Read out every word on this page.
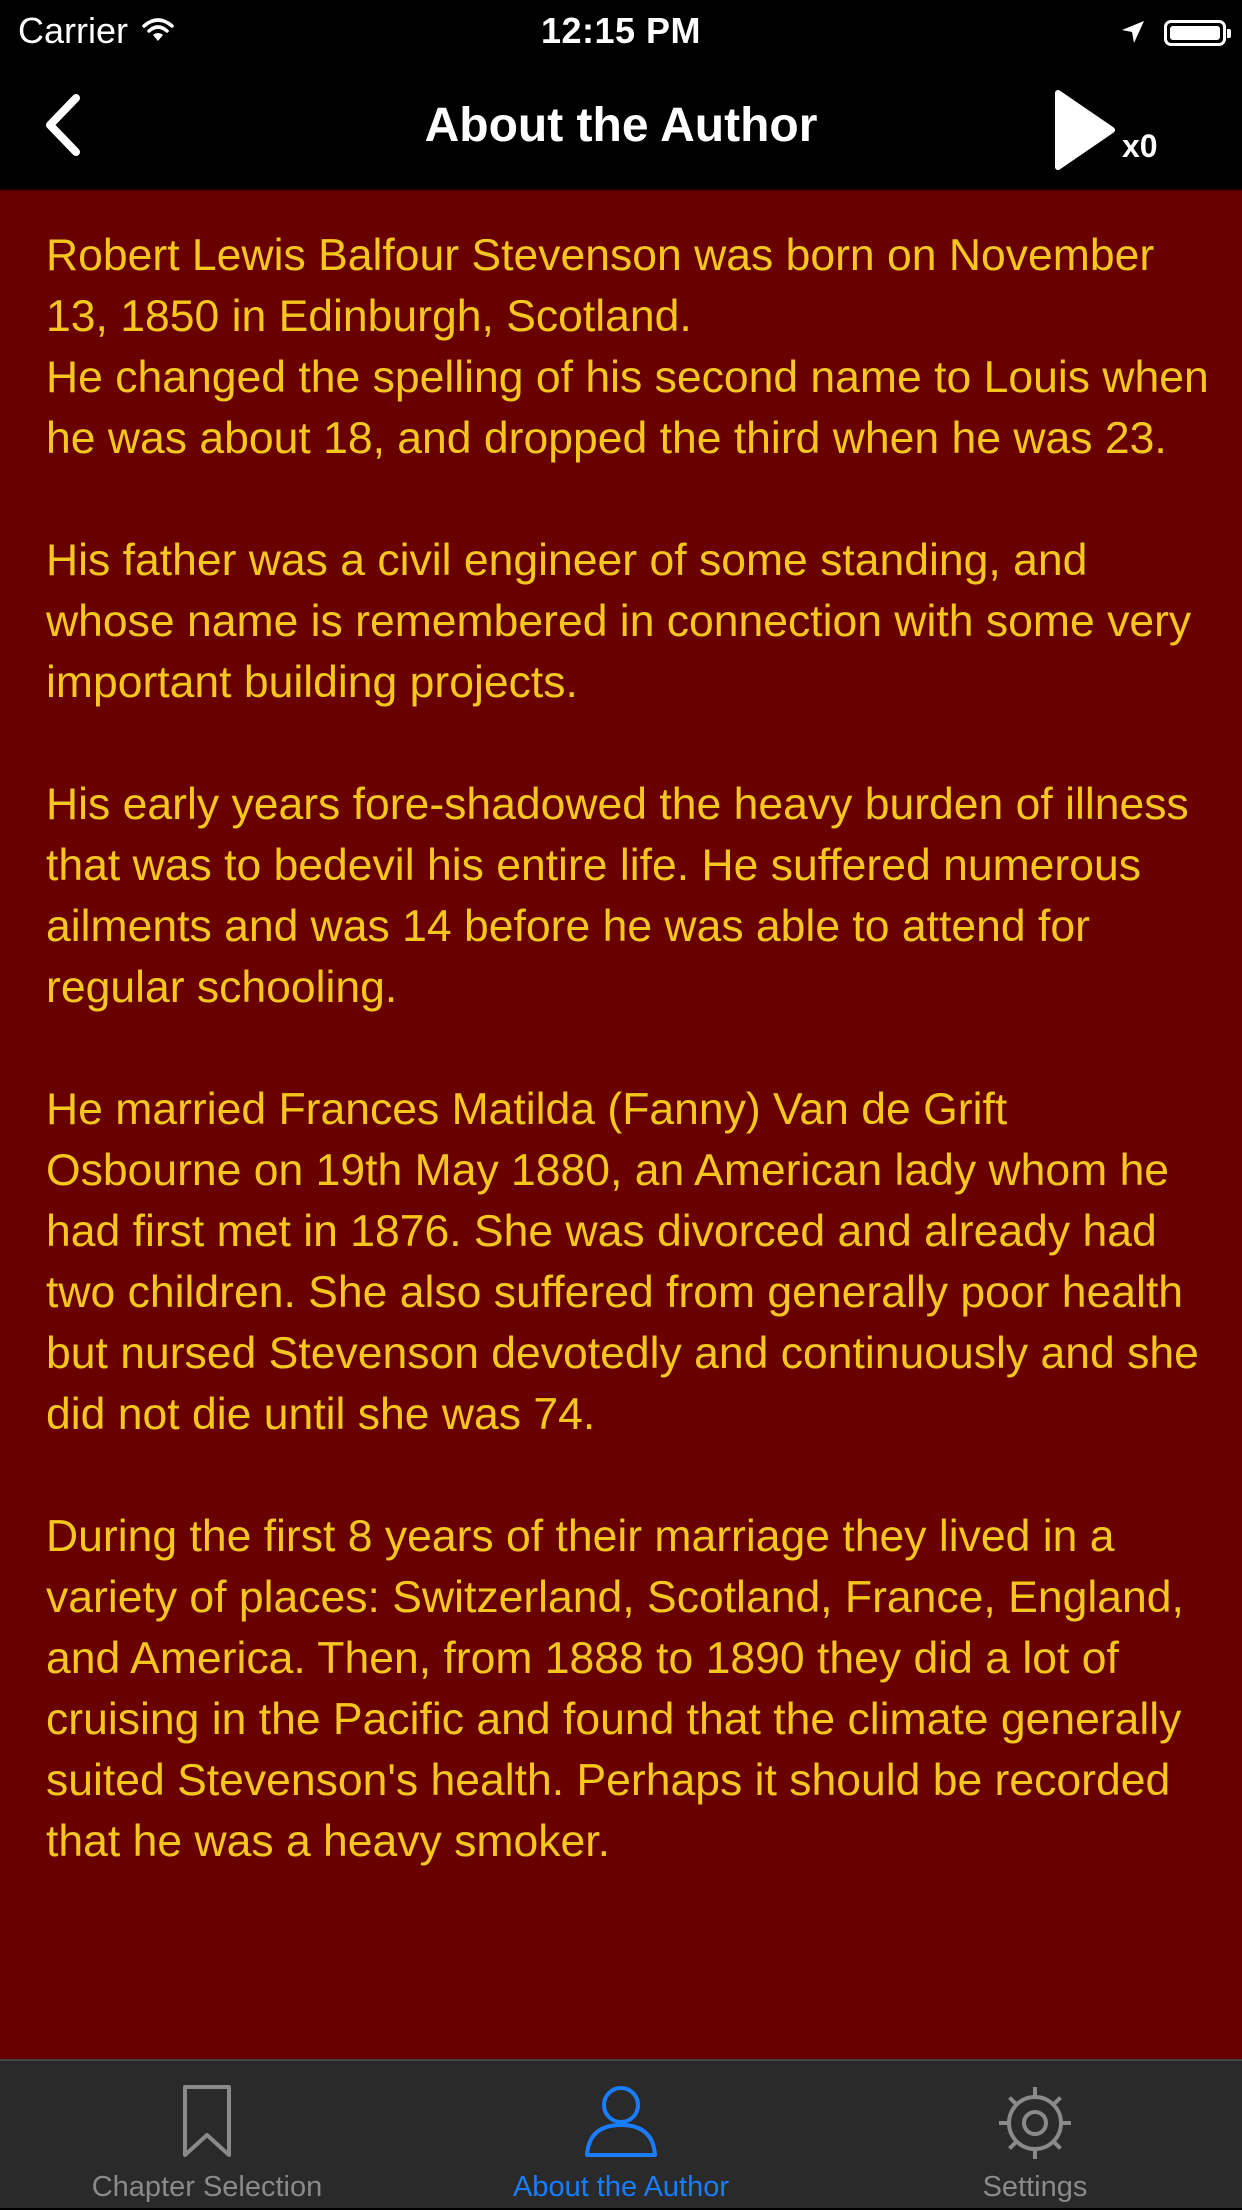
Carrier	12:15 PM
About the Author	x0

Robert Lewis Balfour Stevenson was born on November 13, 1850 in Edinburgh, Scotland.
He changed the spelling of his second name to Louis when he was about 18, and dropped the third when he was 23.

His father was a civil engineer of some standing, and whose name is remembered in connection with some very important building projects.

His early years fore-shadowed the heavy burden of illness that was to bedevil his entire life. He suffered numerous ailments and was 14 before he was able to attend for regular schooling.

He married Frances Matilda (Fanny) Van de Grift Osbourne on 19th May 1880, an American lady whom he had first met in 1876. She was divorced and already had two children. She also suffered from generally poor health but nursed Stevenson devotedly and continuously and she did not die until she was 74.

During the first 8 years of their marriage they lived in a variety of places: Switzerland, Scotland, France, England, and America. Then, from 1888 to 1890 they did a lot of cruising in the Pacific and found that the climate generally suited Stevenson's health. Perhaps it should be recorded that he was a heavy smoker.

Chapter Selection	About the Author	Settings
